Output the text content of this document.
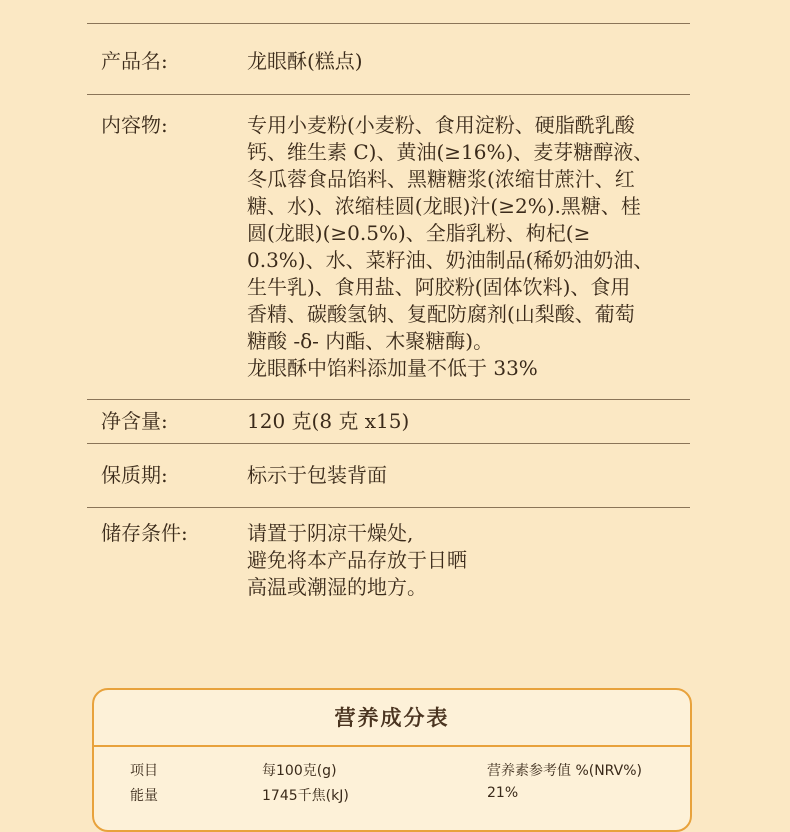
产品名:	龙眼酥(糕点)
内容物:	专用小麦粉(小麦粉、食用淀粉、硬脂酰乳酸

钙、维生素 C)、黄油(≥16%)、麦芽糖醇液、

冬瓜蓉食品馅料、黑糖糖浆(浓缩甘蔗汁、红

糖、水)、浓缩桂圆(龙眼)汁(≥2%).黑糖、桂

圆(龙眼)(≥0.5%)、全脂乳粉、枸杞(≥

0.3%)、水、菜籽油、奶油制品(稀奶油奶油、

生牛乳)、食用盐、阿胶粉(固体饮料)、食用

香精、碳酸氢钠、复配防腐剂(山梨酸、葡萄

糖酸 -δ- 内酯、木聚糖酶)。

龙眼酥中馅料添加量不低于 33%

净含量:	120 克(8 克 x15)
保质期:	标示于包装背面
储存条件:	请置于阴凉干燥处,

避免将本产品存放于日晒

高温或潮湿的地方。

营养成分表
项目	每100克(g)	营养素参考值 %(NRV%)
能量	1745千焦(kJ)	21%
